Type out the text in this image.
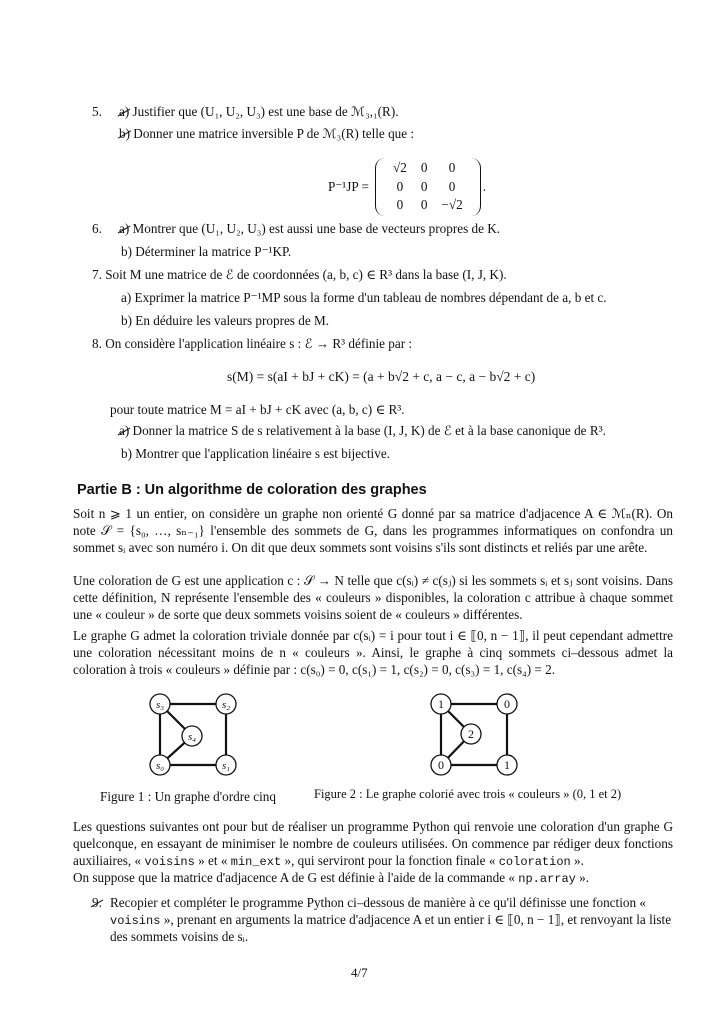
5. a) Justifier que (U₁, U₂, U₃) est une base de ℳ₃,₁(R).
b) Donner une matrice inversible P de ℳ₃(R) telle que :
P⁻¹JP =
√2	0	0
0	0	0
0	0	−√2
.
6. a) Montrer que (U₁, U₂, U₃) est aussi une base de vecteurs propres de K.
b) Déterminer la matrice P⁻¹KP.
7. Soit M une matrice de ℰ de coordonnées (a, b, c) ∈ R³ dans la base (I, J, K).
a) Exprimer la matrice P⁻¹MP sous la forme d'un tableau de nombres dépendant de a, b et c.
b) En déduire les valeurs propres de M.
8. On considère l'application linéaire s : ℰ → R³ définie par :
s(M) = s(aI + bJ + cK) = (a + b√2 + c, a − c, a − b√2 + c)
pour toute matrice M = aI + bJ + cK avec (a, b, c) ∈ R³.
a) Donner la matrice S de s relativement à la base (I, J, K) de ℰ et à la base canonique de R³.
b) Montrer que l'application linéaire s est bijective.
Partie B : Un algorithme de coloration des graphes
Soit n ⩾ 1 un entier, on considère un graphe non orienté G donné par sa matrice d'adjacence A ∈ ℳₙ(R). On note 𝒮 = {s₀, …, sₙ₋₁} l'ensemble des sommets de G, dans les programmes informatiques on confondra un sommet sᵢ avec son numéro i. On dit que deux sommets sont voisins s'ils sont distincts et reliés par une arête.
Une coloration de G est une application c : 𝒮 → N telle que c(sᵢ) ≠ c(sⱼ) si les sommets sᵢ et sⱼ sont voisins. Dans cette définition, N représente l'ensemble des « couleurs » disponibles, la coloration c attribue à chaque sommet une « couleur » de sorte que deux sommets voisins soient de « couleurs » différentes.
Le graphe G admet la coloration triviale donnée par c(sᵢ) = i pour tout i ∈ ⟦0, n − 1⟧, il peut cependant admettre une coloration nécessitant moins de n « couleurs ». Ainsi, le graphe à cinq sommets ci–dessous admet la coloration à trois « couleurs » définie par : c(s₀) = 0, c(s₁) = 1, c(s₂) = 0, c(s₃) = 1, c(s₄) = 2.
s₃	s₂
s₄
s₀	s₁
Figure 1 : Un graphe d'ordre cinq
1	0
2
0	1
Figure 2 : Le graphe colorié avec trois « couleurs » (0, 1 et 2)
Les questions suivantes ont pour but de réaliser un programme Python qui renvoie une coloration d'un graphe G quelconque, en essayant de minimiser le nombre de couleurs utilisées. On commence par rédiger deux fonctions auxiliaires, « voisins » et « min_ext », qui serviront pour la fonction finale « coloration ».
On suppose que la matrice d'adjacence A de G est définie à l'aide de la commande « np.array ».
9. Recopier et compléter le programme Python ci–dessous de manière à ce qu'il définisse une fonction « voisins », prenant en arguments la matrice d'adjacence A et un entier i ∈ ⟦0, n − 1⟧, et renvoyant la liste des sommets voisins de sᵢ.
4/7
